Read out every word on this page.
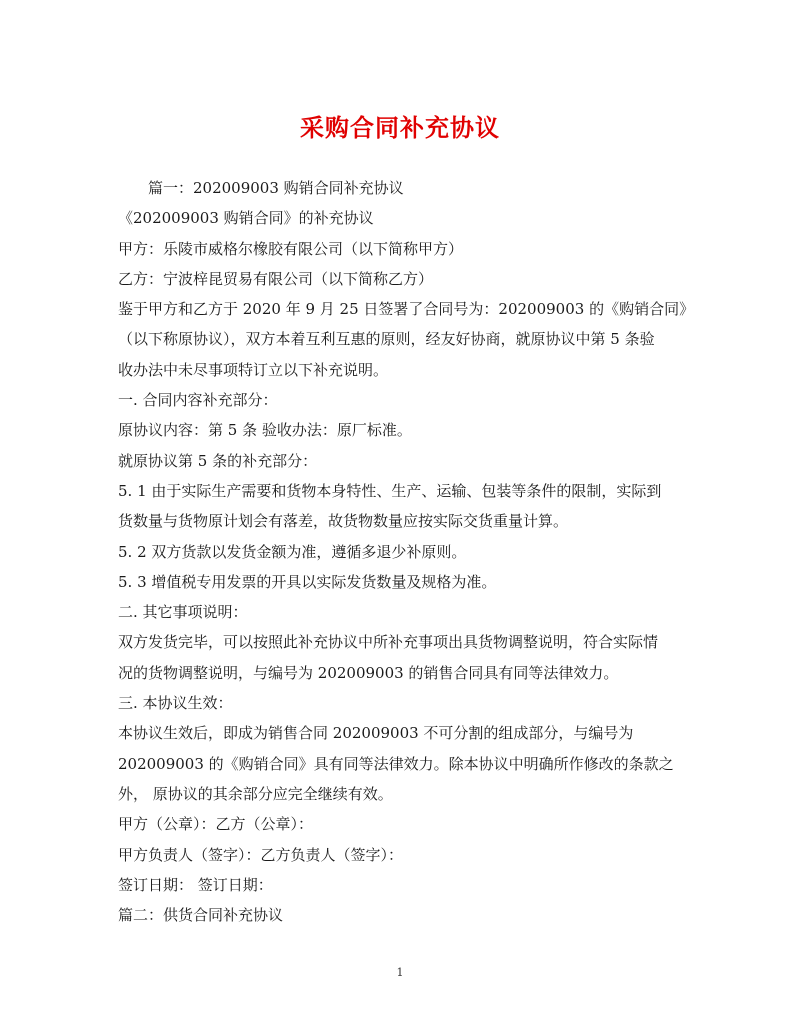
采购合同补充协议
篇一：202009003 购销合同补充协议
《202009003 购销合同》的补充协议
甲方：乐陵市威格尔橡胶有限公司（以下简称甲方）
乙方：宁波梓昆贸易有限公司（以下简称乙方）
鉴于甲方和乙方于 2020 年 9 月 25 日签署了合同号为：202009003 的《购销合同》
（以下称原协议），双方本着互利互惠的原则，经友好协商，就原协议中第 5 条验
收办法中未尽事项特订立以下补充说明。
一. 合同内容补充部分：
原协议内容：第 5 条 验收办法：原厂标准。
就原协议第 5 条的补充部分：
5. 1 由于实际生产需要和货物本身特性、生产、运输、包装等条件的限制，实际到
货数量与货物原计划会有落差，故货物数量应按实际交货重量计算。
5. 2 双方货款以发货金额为准，遵循多退少补原则。
5. 3 增值税专用发票的开具以实际发货数量及规格为准。
二. 其它事项说明：
双方发货完毕，可以按照此补充协议中所补充事项出具货物调整说明，符合实际情
况的货物调整说明，与编号为 202009003 的销售合同具有同等法律效力。
三. 本协议生效：
本协议生效后，即成为销售合同 202009003 不可分割的组成部分，与编号为
202009003 的《购销合同》具有同等法律效力。除本协议中明确所作修改的条款之
外， 原协议的其余部分应完全继续有效。
甲方（公章）：乙方（公章）：
甲方负责人（签字）：乙方负责人（签字）：
签订日期： 签订日期：
篇二：供货合同补充协议
1
